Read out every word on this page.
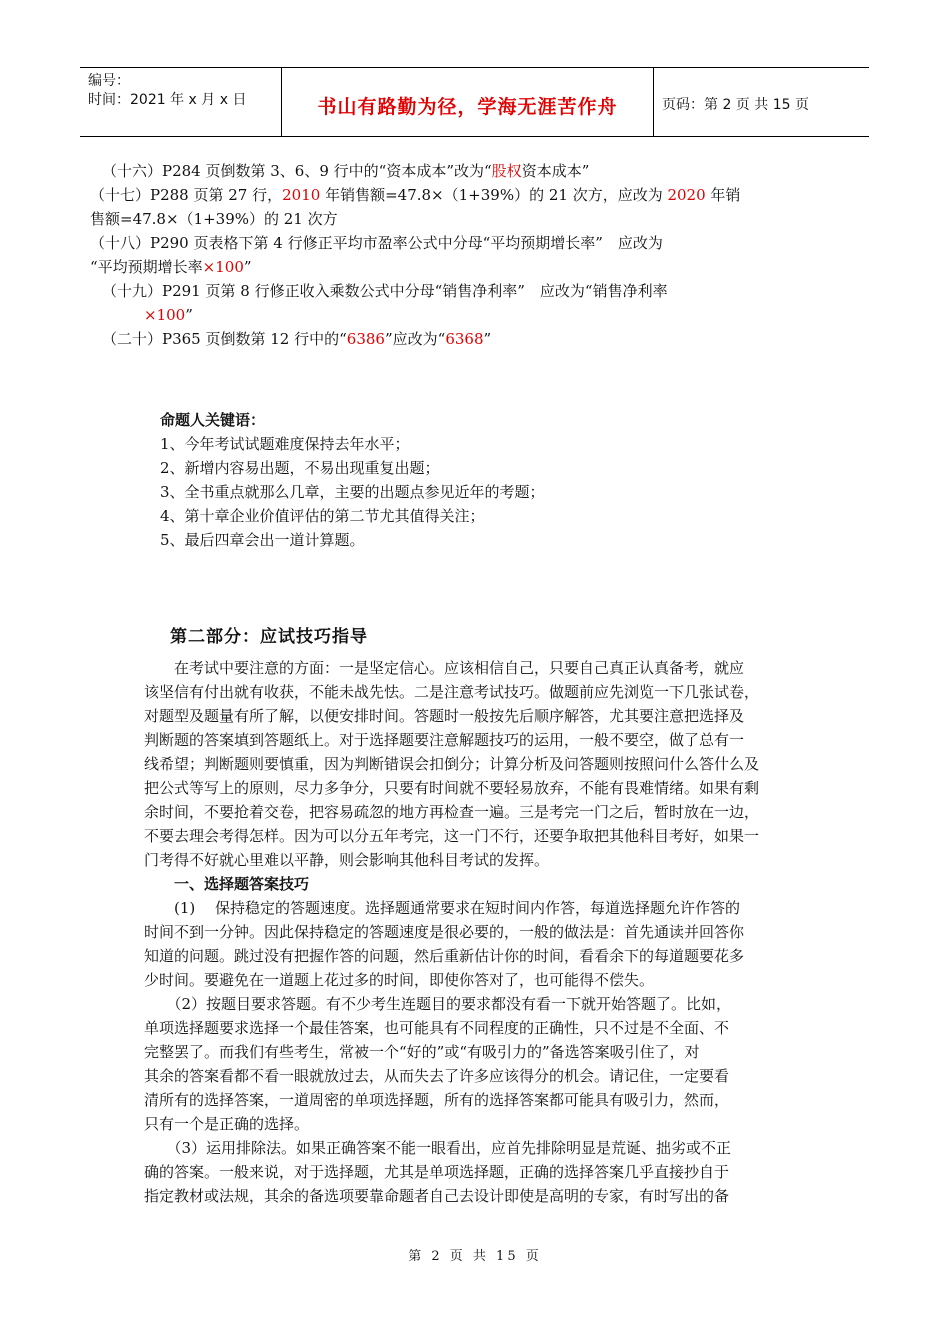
编号：
时间：2021 年 x 月 x 日	书山有路勤为径，学海无涯苦作舟	页码：第 2 页 共 15 页
（十六）P284 页倒数第 3、6、9 行中的“资本成本”改为“股权资本成本”
（十七）P288 页第 27 行，2010 年销售额=47.8×（1+39%）的 21 次方，应改为 2020 年销
售额=47.8×（1+39%）的 21 次方
（十八）P290 页表格下第 4 行修正平均市盈率公式中分母“平均预期增长率”　应改为
“平均预期增长率×100”
（十九）P291 页第 8 行修正收入乘数公式中分母“销售净利率”　应改为“销售净利率
×100”
（二十）P365 页倒数第 12 行中的“6386”应改为“6368”
命题人关键语：
1、今年考试试题难度保持去年水平；
2、新增内容易出题，不易出现重复出题；
3、全书重点就那么几章，主要的出题点参见近年的考题；
4、第十章企业价值评估的第二节尤其值得关注；
5、最后四章会出一道计算题。
第二部分：应试技巧指导
　　在考试中要注意的方面：一是坚定信心。应该相信自己，只要自己真正认真备考，就应
该坚信有付出就有收获，不能未战先怯。二是注意考试技巧。做题前应先浏览一下几张试卷，
对题型及题量有所了解，以便安排时间。答题时一般按先后顺序解答，尤其要注意把选择及
判断题的答案填到答题纸上。对于选择题要注意解题技巧的运用，一般不要空，做了总有一
线希望；判断题则要慎重，因为判断错误会扣倒分；计算分析及问答题则按照问什么答什么及
把公式等写上的原则，尽力多争分，只要有时间就不要轻易放弃，不能有畏难情绪。如果有剩
余时间，不要抢着交卷，把容易疏忽的地方再检查一遍。三是考完一门之后，暂时放在一边，
不要去理会考得怎样。因为可以分五年考完，这一门不行，还要争取把其他科目考好，如果一
门考得不好就心里难以平静，则会影响其他科目考试的发挥。
　　一、选择题答案技巧
　　(1)　 保持稳定的答题速度。选择题通常要求在短时间内作答，每道选择题允许作答的
时间不到一分钟。因此保持稳定的答题速度是很必要的，一般的做法是：首先通读并回答你
知道的问题。跳过没有把握作答的问题，然后重新估计你的时间，看看余下的每道题要花多
少时间。要避免在一道题上花过多的时间，即使你答对了，也可能得不偿失。
　　（2）按题目要求答题。有不少考生连题目的要求都没有看一下就开始答题了。比如，
单项选择题要求选择一个最佳答案，也可能具有不同程度的正确性，只不过是不全面、不
完整罢了。而我们有些考生，常被一个“好的”或“有吸引力的”备选答案吸引住了，对
其余的答案看都不看一眼就放过去，从而失去了许多应该得分的机会。请记住，一定要看
清所有的选择答案，一道周密的单项选择题，所有的选择答案都可能具有吸引力，然而，
只有一个是正确的选择。
　　（3）运用排除法。如果正确答案不能一眼看出，应首先排除明显是荒诞、拙劣或不正
确的答案。一般来说，对于选择题，尤其是单项选择题，正确的选择答案几乎直接抄自于
指定教材或法规，其余的备选项要靠命题者自己去设计即使是高明的专家，有时写出的备
第 2 页 共 15 页
